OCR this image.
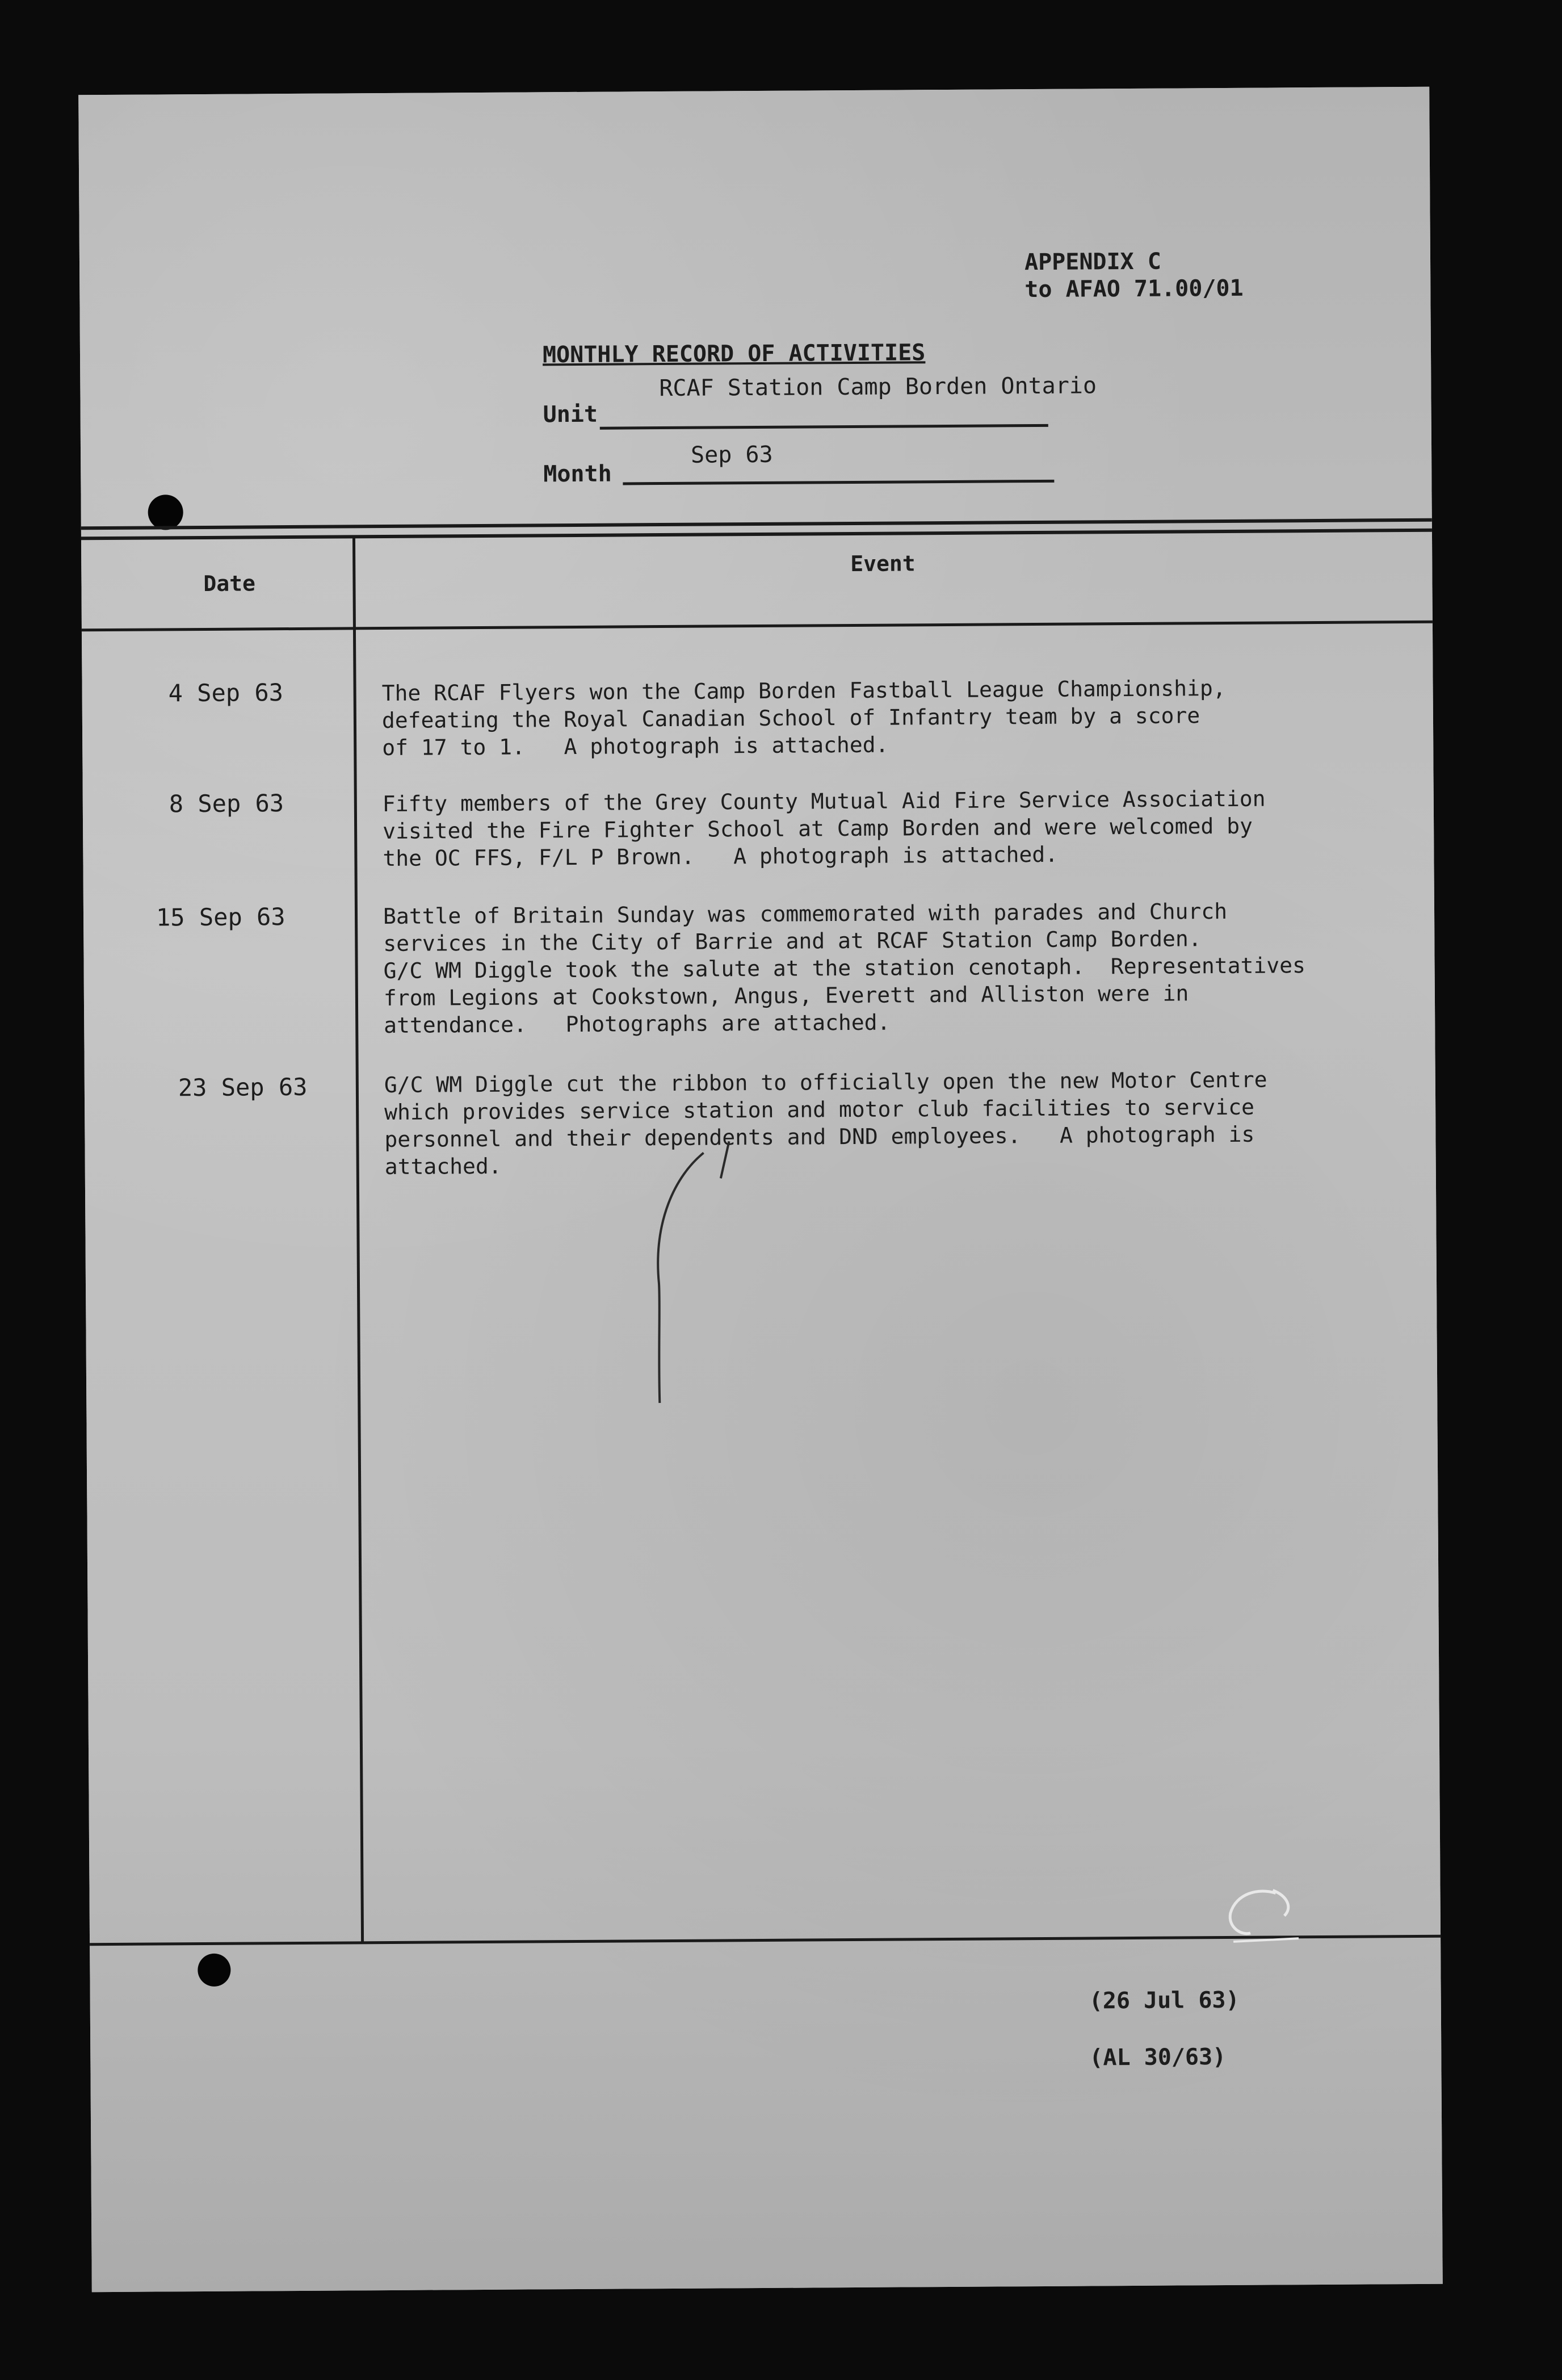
APPENDIX C
to AFAO 71.00/01
MONTHLY RECORD OF ACTIVITIES
Unit
RCAF Station Camp Borden Ontario
Month
Sep 63
Date
Event
4 Sep 63	The RCAF Flyers won the Camp Borden Fastball League Championship,
defeating the Royal Canadian School of Infantry team by a score
of 17 to 1.   A photograph is attached.
8 Sep 63	Fifty members of the Grey County Mutual Aid Fire Service Association
visited the Fire Fighter School at Camp Borden and were welcomed by
the OC FFS, F/L P Brown.   A photograph is attached.
15 Sep 63	Battle of Britain Sunday was commemorated with parades and Church
services in the City of Barrie and at RCAF Station Camp Borden.
G/C WM Diggle took the salute at the station cenotaph.  Representatives
from Legions at Cookstown, Angus, Everett and Alliston were in
attendance.   Photographs are attached.
23 Sep 63	G/C WM Diggle cut the ribbon to officially open the new Motor Centre
which provides service station and motor club facilities to service
personnel and their dependents and DND employees.   A photograph is
attached.
(26 Jul 63)
(AL 30/63)
